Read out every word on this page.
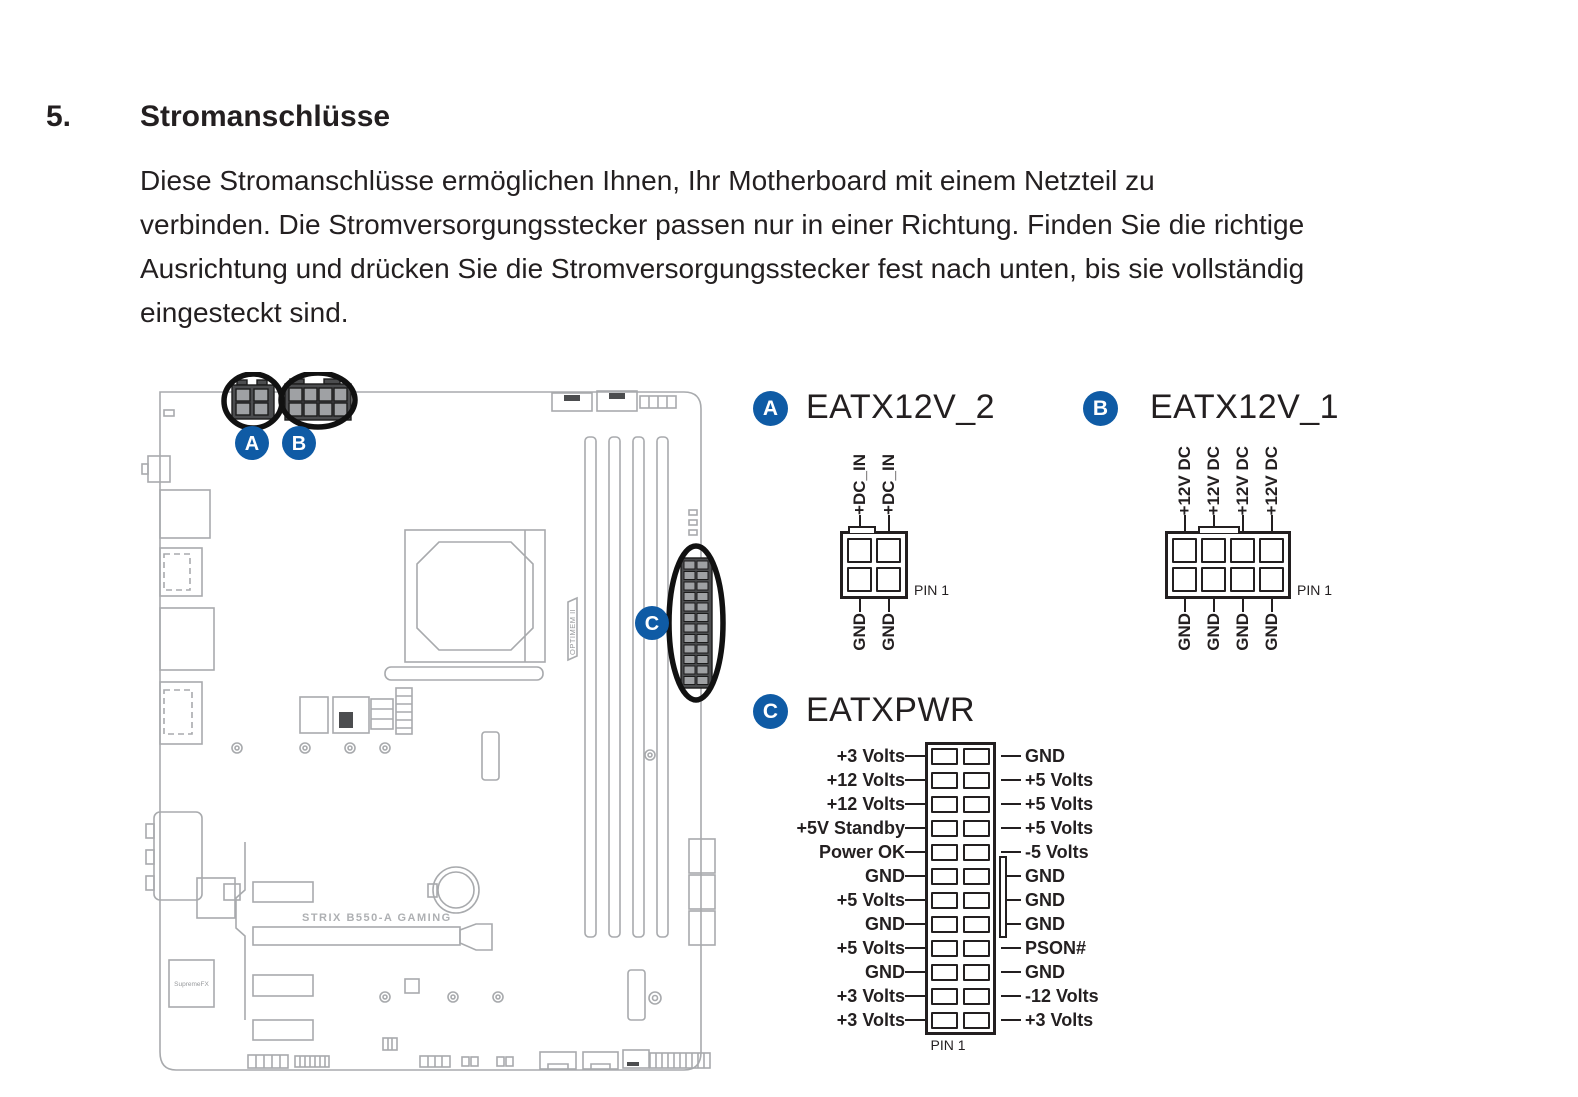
5. Stromanschlüsse
Diese Stromanschlüsse ermöglichen Ihnen, Ihr Motherboard mit einem Netzteil zu
verbinden. Die Stromversorgungsstecker passen nur in einer Richtung. Finden Sie die richtige
Ausrichtung und drücken Sie die Stromversorgungsstecker fest nach unten, bis sie vollständig
eingesteckt sind.
A B
C
STRIX B550-A GAMING
SupremeFX
OPTIMEM II
A EATX12V_2
+DC_IN +DC_IN
PIN 1
GND GND
B EATX12V_1
+12V DC +12V DC +12V DC +12V DC
PIN 1
GND GND GND GND
C EATXPWR
+3 Volts	GND
+12 Volts	+5 Volts
+12 Volts	+5 Volts
+5V Standby	+5 Volts
Power OK	-5 Volts
GND	GND
+5 Volts	GND
GND	GND
+5 Volts	PSON#
GND	GND
+3 Volts	-12 Volts
+3 Volts	+3 Volts
PIN 1
